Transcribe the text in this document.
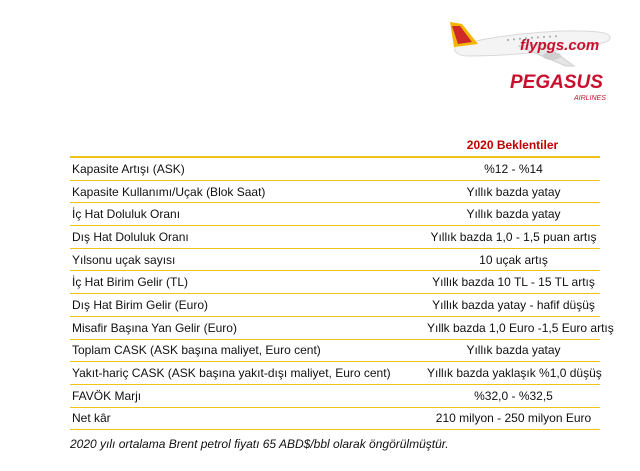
flypgs.com
PEGASUS
AIRLINES
2020 Beklentiler
Kapasite Artışı (ASK)	%12 - %14
Kapasite Kullanımı/Uçak (Blok Saat)	Yıllık bazda yatay
İç Hat Doluluk Oranı	Yıllık bazda yatay
Dış Hat Doluluk Oranı	Yıllık bazda 1,0 - 1,5 puan artış
Yılsonu uçak sayısı	10 uçak artış
İç Hat Birim Gelir (TL)	Yıllık bazda 10 TL - 15 TL artış
Dış Hat Birim Gelir (Euro)	Yıllık bazda yatay - hafif düşüş
Misafir Başına Yan Gelir (Euro)	Yıllk bazda 1,0 Euro -1,5 Euro artış
Toplam CASK (ASK başına maliyet, Euro cent)	Yıllık bazda yatay
Yakıt-hariç CASK (ASK başına yakıt-dışı maliyet, Euro cent)	Yıllık bazda yaklaşık %1,0 düşüş
FAVÖK Marjı	%32,0 - %32,5
Net kâr	210 milyon - 250 milyon Euro
2020 yılı ortalama Brent petrol fiyatı 65 ABD$/bbl olarak öngörülmüştür.
